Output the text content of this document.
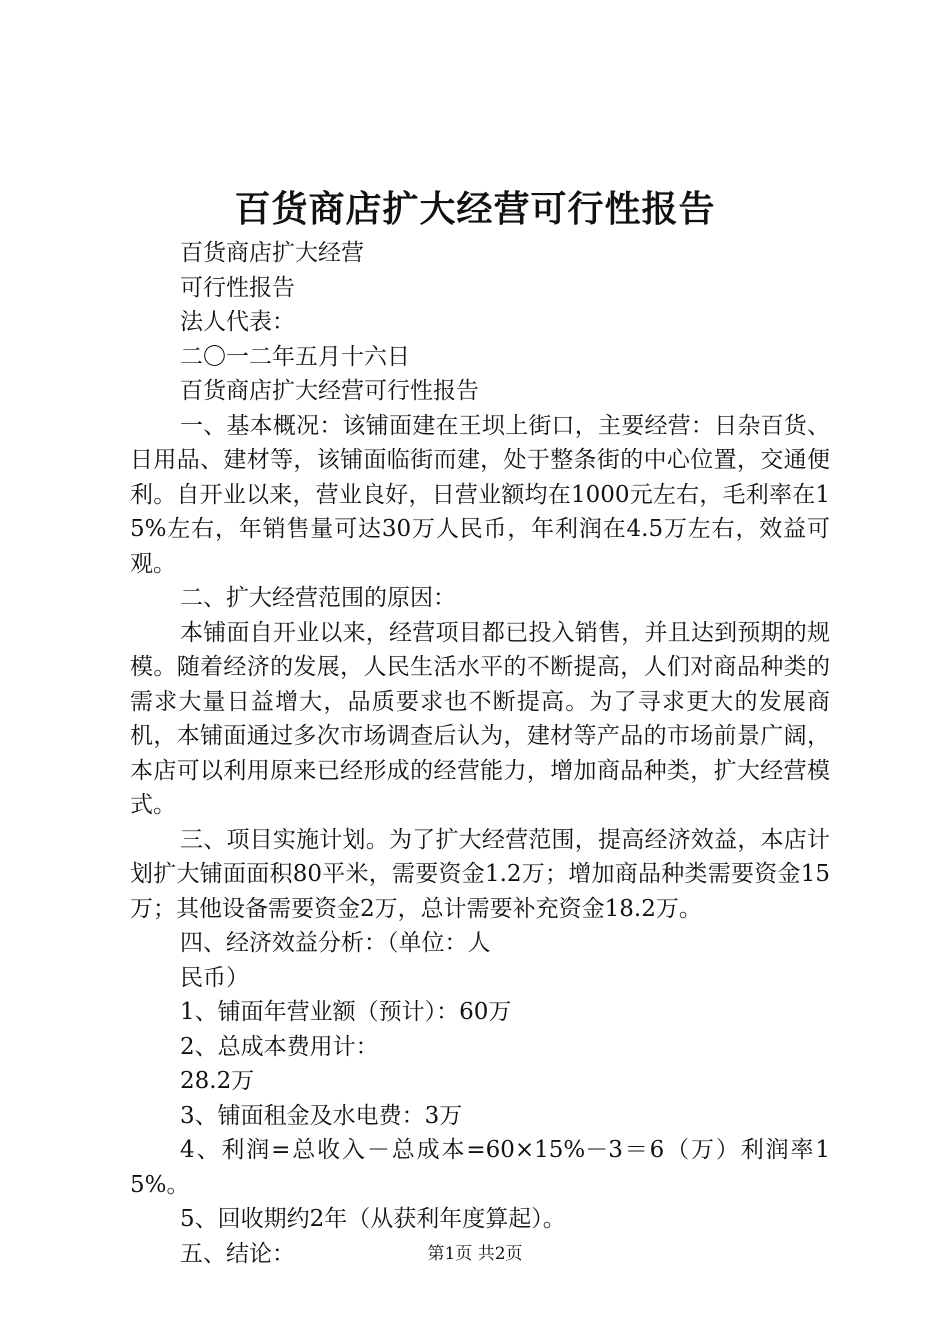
百货商店扩大经营可行性报告

百货商店扩大经营

可行性报告

法人代表：

二〇一二年五月十六日

百货商店扩大经营可行性报告

一、基本概况：该铺面建在王坝上街口，主要经营：日杂百货、日用品、建材等，该铺面临街而建，处于整条街的中心位置，交通便利。自开业以来，营业良好，日营业额均在1000元左右，毛利率在15%左右，年销售量可达30万人民币，年利润在4.5万左右，效益可观。

二、扩大经营范围的原因：

本铺面自开业以来，经营项目都已投入销售，并且达到预期的规模。随着经济的发展，人民生活水平的不断提高，人们对商品种类的需求大量日益增大，品质要求也不断提高。为了寻求更大的发展商机，本铺面通过多次市场调查后认为，建材等产品的市场前景广阔，本店可以利用原来已经形成的经营能力，增加商品种类，扩大经营模式。

三、项目实施计划。为了扩大经营范围，提高经济效益，本店计划扩大铺面面积80平米，需要资金1.2万；增加商品种类需要资金15万；其他设备需要资金2万，总计需要补充资金18.2万。

四、经济效益分析：（单位：人

民币）

1、铺面年营业额（预计）：60万

2、总成本费用计：

28.2万

3、铺面租金及水电费：3万

4、利润=总收入－总成本=60×15%－3＝6（万）利润率15%。

5、回收期约2年（从获利年度算起）。

五、结论：	第1页 共2页
